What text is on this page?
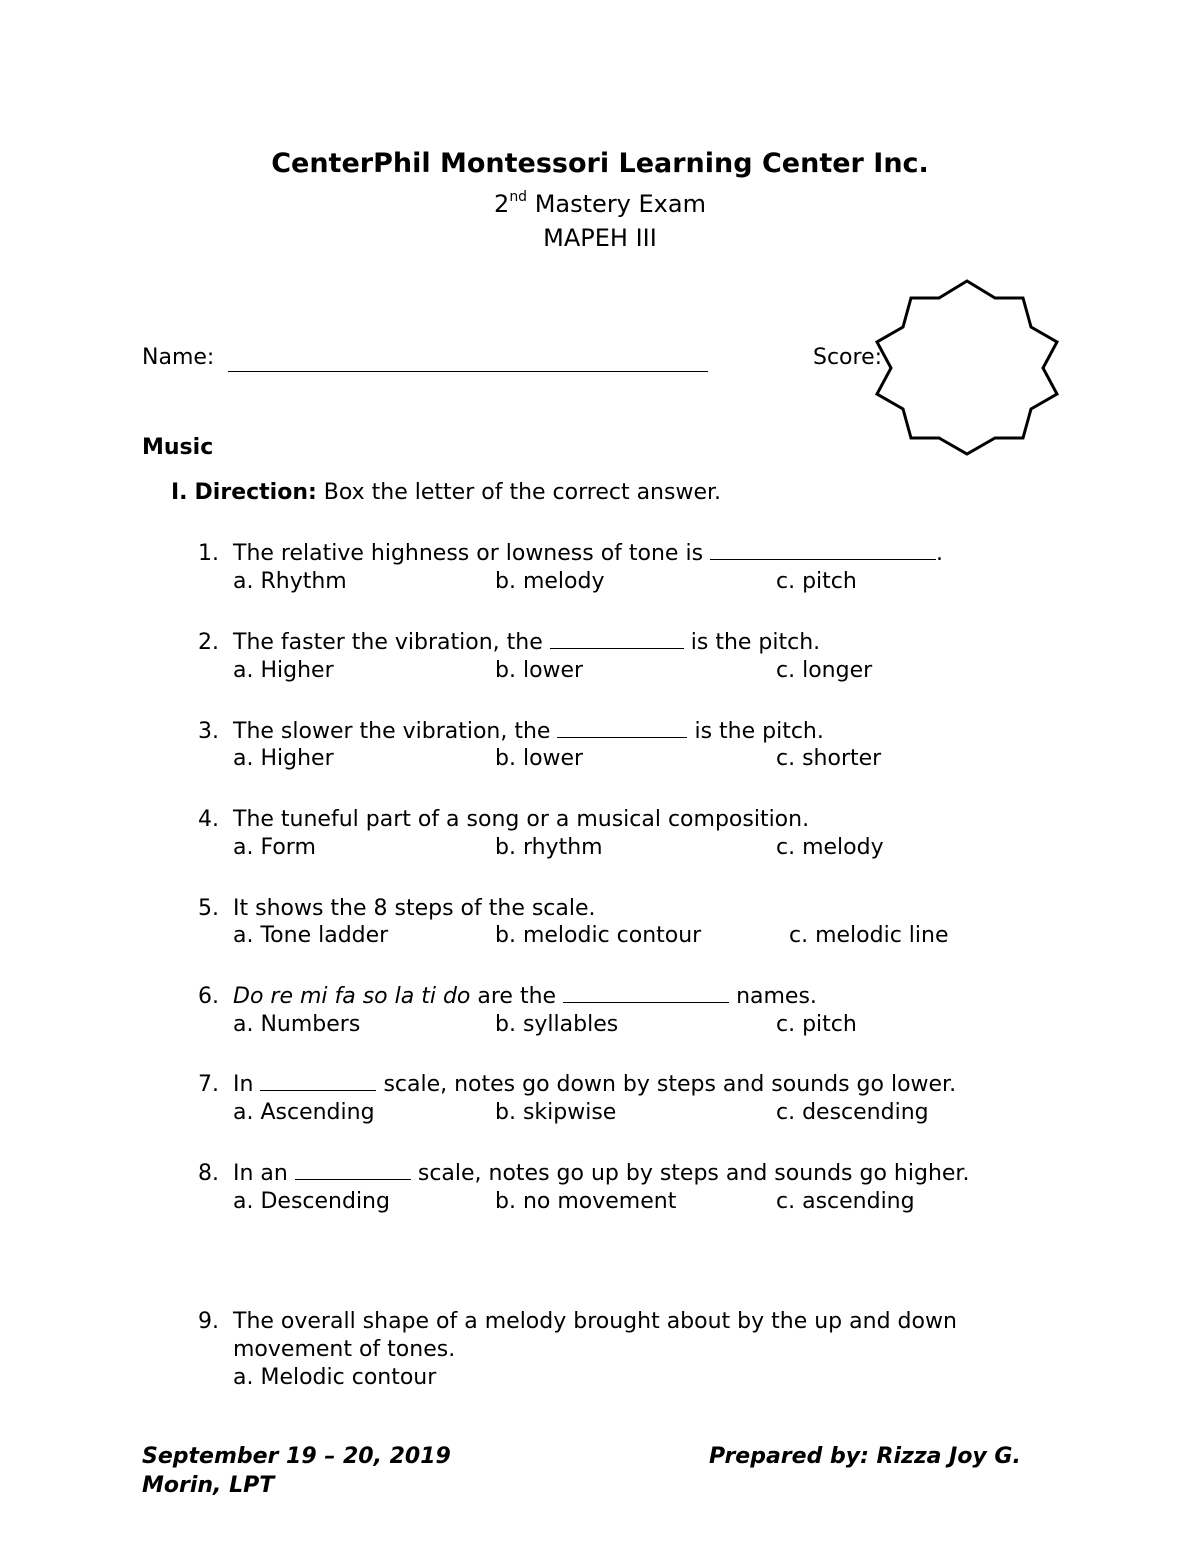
CenterPhil Montessori Learning Center Inc.
2nd Mastery Exam
MAPEH III
Name:	Score:
Music
I. Direction: Box the letter of the correct answer.
1. The relative highness or lowness of tone is	.
a. Rhythm	b. melody	c. pitch
2. The faster the vibration, the	is the pitch.
a. Higher	b. lower	c. longer
3. The slower the vibration, the	is the pitch.
a. Higher	b. lower	c. shorter
4. The tuneful part of a song or a musical composition.
a. Form	b. rhythm	c. melody
5. It shows the 8 steps of the scale.
a. Tone ladder	b. melodic contour	c. melodic line
6. Do re mi fa so la ti do are the	names.
a. Numbers	b. syllables	c. pitch
7. In	scale, notes go down by steps and sounds go lower.
a. Ascending	b. skipwise	c. descending
8. In an	scale, notes go up by steps and sounds go higher.
a. Descending	b. no movement	c. ascending
9. The overall shape of a melody brought about by the up and down
movement of tones.
a. Melodic contour
September 19 – 20, 2019	Prepared by: Rizza Joy G.
Morin, LPT
